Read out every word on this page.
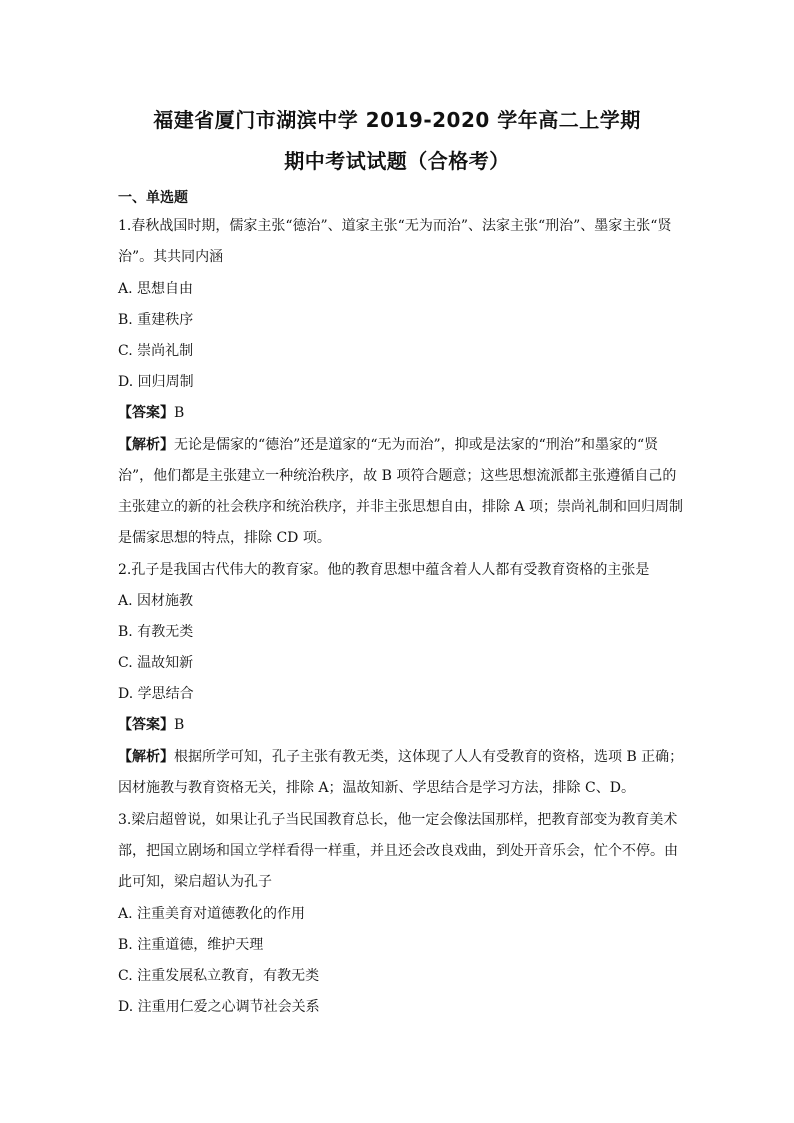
福建省厦门市湖滨中学 2019-2020 学年高二上学期
期中考试试题（合格考）
一、单选题
1.春秋战国时期，儒家主张“德治”、道家主张“无为而治”、法家主张“刑治”、墨家主张“贤
治”。其共同内涵
A. 思想自由
B. 重建秩序
C. 崇尚礼制
D. 回归周制
【答案】B
【解析】无论是儒家的“德治”还是道家的“无为而治”，抑或是法家的“刑治”和墨家的“贤
治”，他们都是主张建立一种统治秩序，故 B 项符合题意；这些思想流派都主张遵循自己的
主张建立的新的社会秩序和统治秩序，并非主张思想自由，排除 A 项；崇尚礼制和回归周制
是儒家思想的特点，排除 CD 项。
2.孔子是我国古代伟大的教育家。他的教育思想中蕴含着人人都有受教育资格的主张是
A. 因材施教
B. 有教无类
C. 温故知新
D. 学思结合
【答案】B
【解析】根据所学可知，孔子主张有教无类，这体现了人人有受教育的资格，选项 B 正确；
因材施教与教育资格无关，排除 A；温故知新、学思结合是学习方法，排除 C、D。
3.梁启超曾说，如果让孔子当民国教育总长，他一定会像法国那样，把教育部变为教育美术
部，把国立剧场和国立学样看得一样重，并且还会改良戏曲，到处开音乐会，忙个不停。由
此可知，梁启超认为孔子
A. 注重美育对道德教化的作用
B. 注重道德，维护天理
C. 注重发展私立教育，有教无类
D. 注重用仁爱之心调节社会关系
